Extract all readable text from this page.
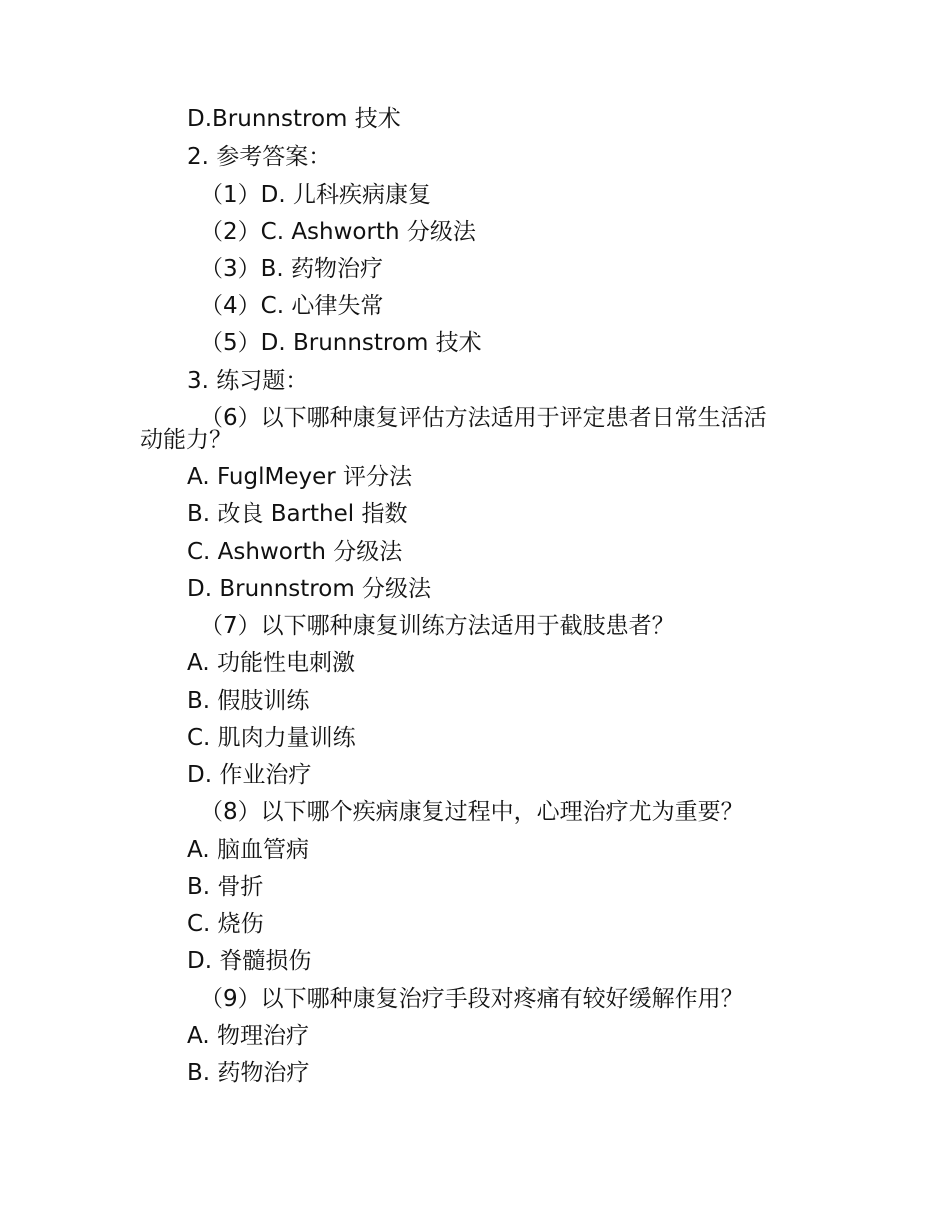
D.Brunnstrom 技术
2. 参考答案：
（1）D. 儿科疾病康复
（2）C. Ashworth 分级法
（3）B. 药物治疗
（4）C. 心律失常
（5）D. Brunnstrom 技术
3. 练习题：
（6）以下哪种康复评估方法适用于评定患者日常生活活
动能力？
A. FuglMeyer 评分法
B. 改良 Barthel 指数
C. Ashworth 分级法
D. Brunnstrom 分级法
（7）以下哪种康复训练方法适用于截肢患者？
A. 功能性电刺激
B. 假肢训练
C. 肌肉力量训练
D. 作业治疗
（8）以下哪个疾病康复过程中，心理治疗尤为重要？
A. 脑血管病
B. 骨折
C. 烧伤
D. 脊髓损伤
（9）以下哪种康复治疗手段对疼痛有较好缓解作用？
A. 物理治疗
B. 药物治疗
